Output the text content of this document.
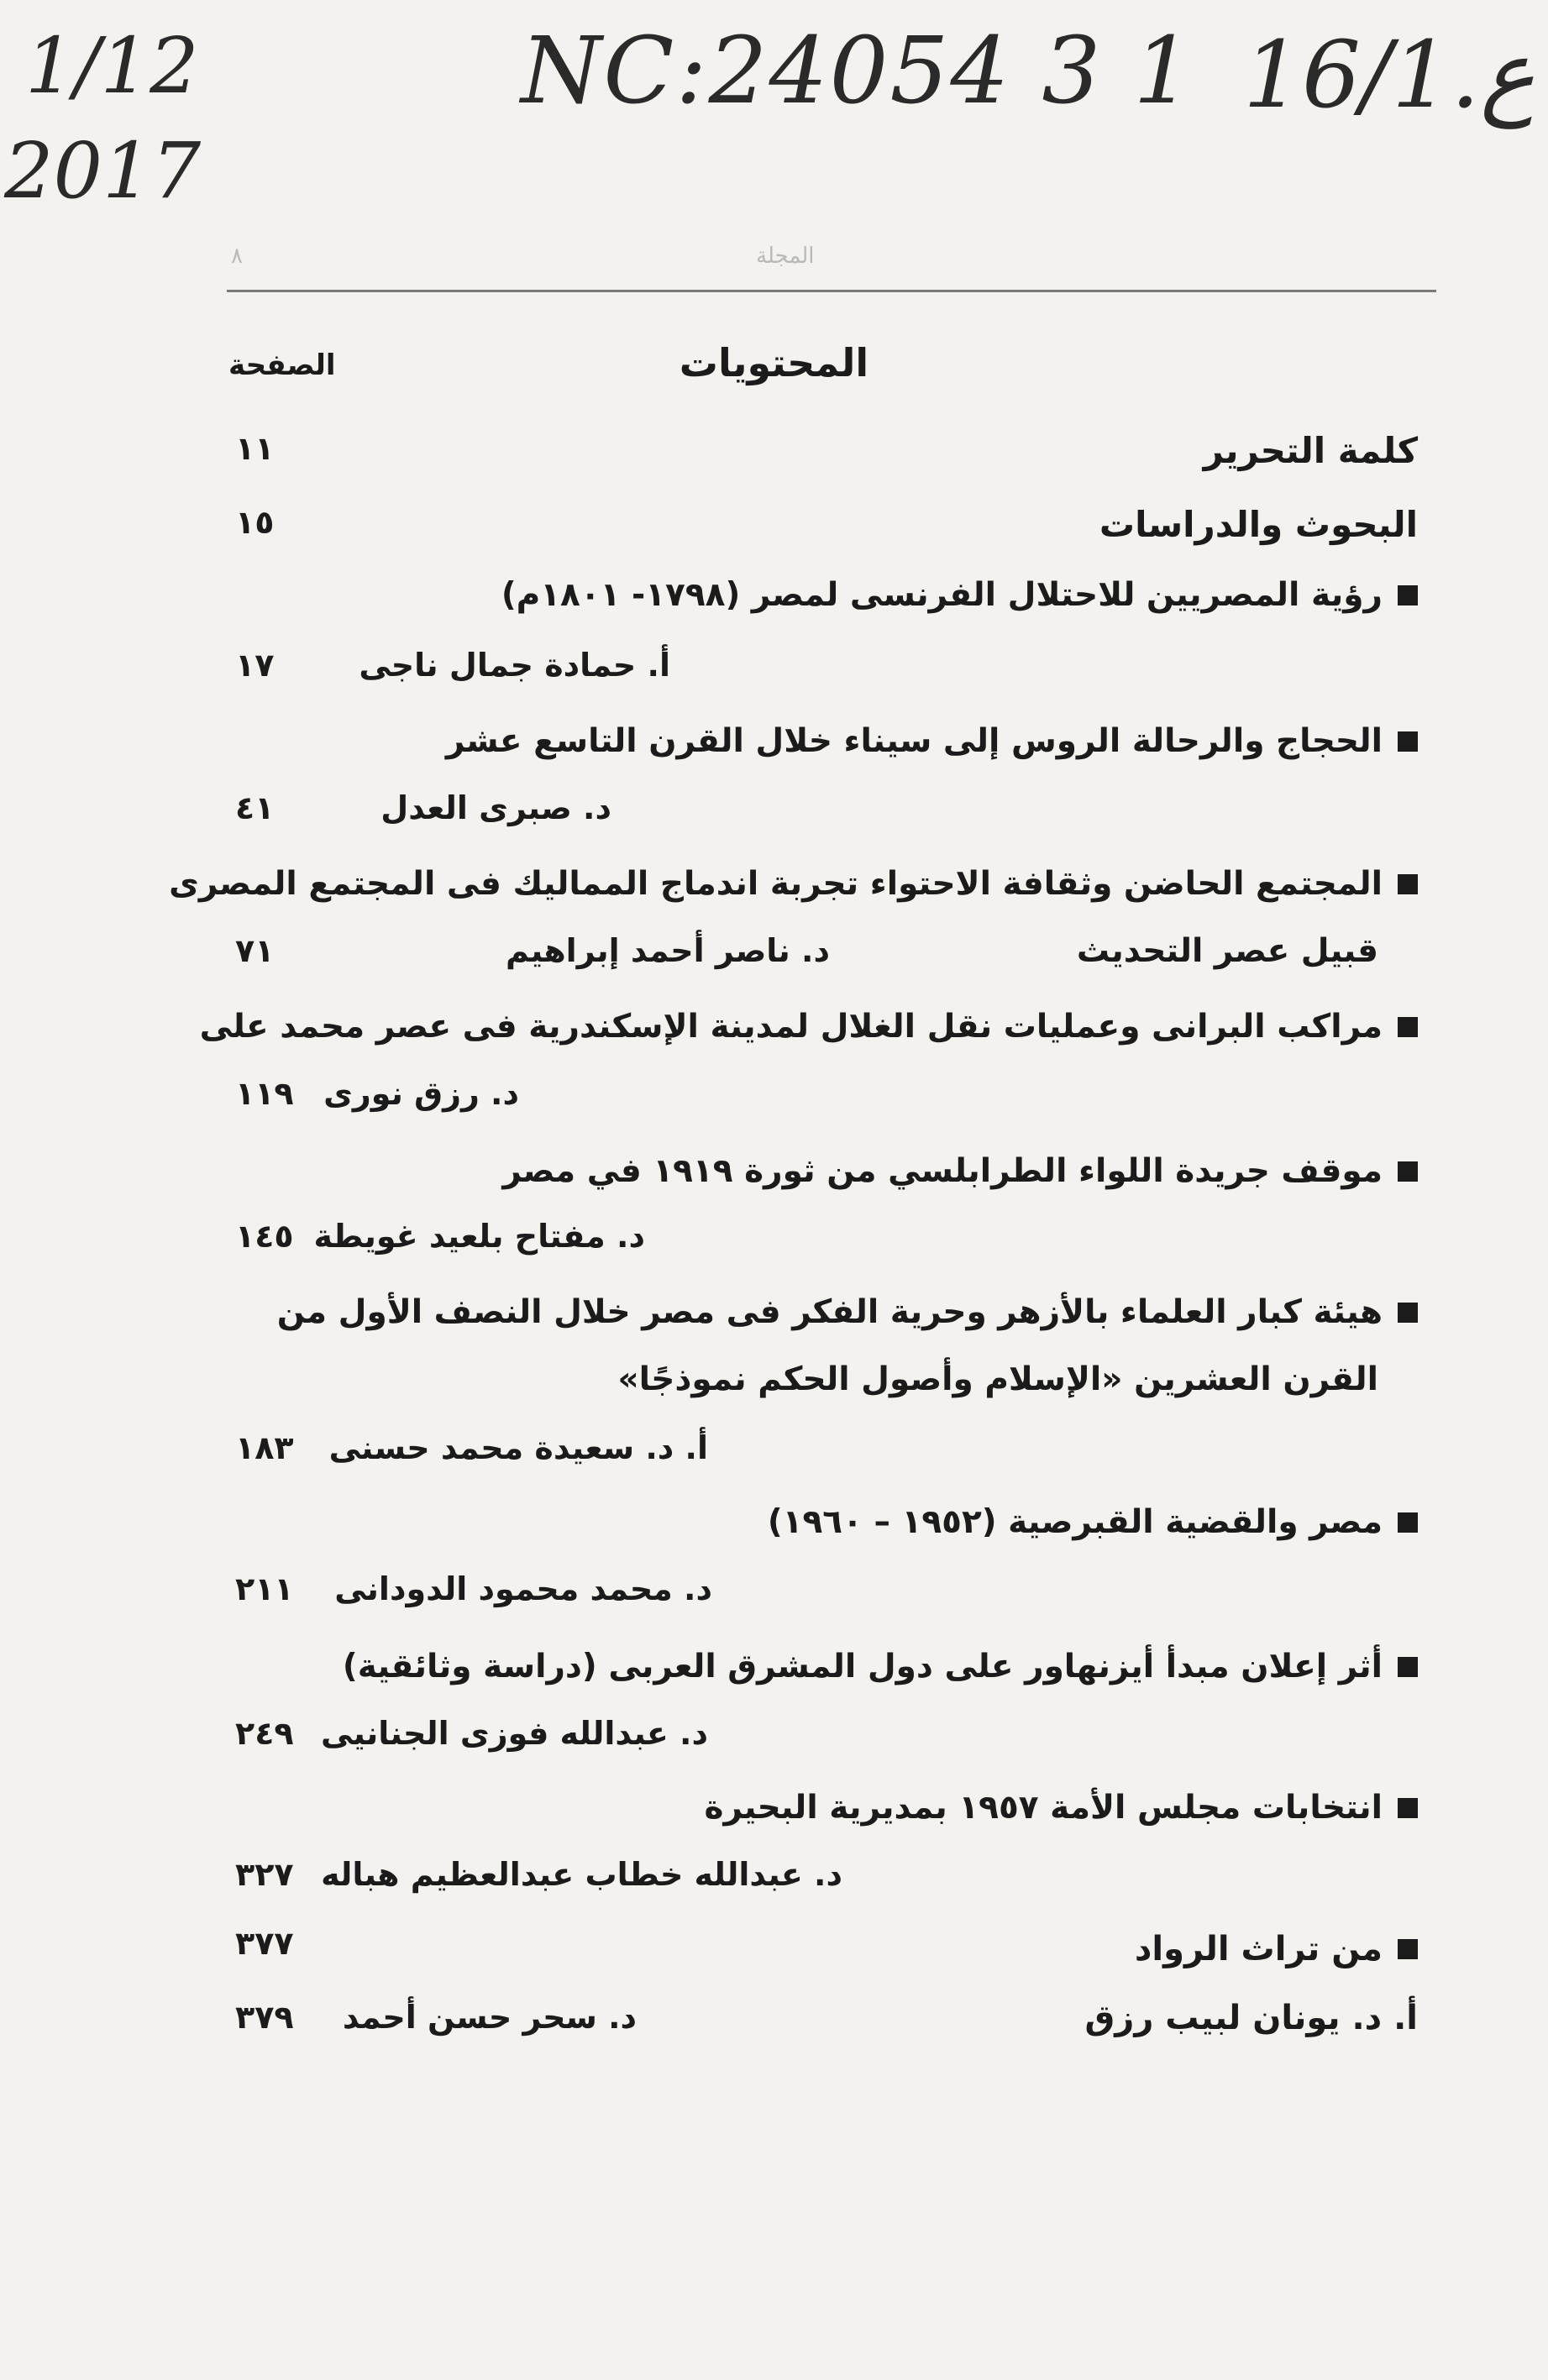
1/12
2017
NC:24054 3 1 ع.16/1
٨	المجلة
المحتويات
الصفحة
كلمة التحرير
١١
البحوث والدراسات
١٥
رؤية المصريين للاحتلال الفرنسى لمصر (١٧٩٨- ١٨٠١م)
أ. حمادة جمال ناجى
١٧
الحجاج والرحالة الروس إلى سيناء خلال القرن التاسع عشر
د. صبرى العدل
٤١
المجتمع الحاضن وثقافة الاحتواء تجربة اندماج المماليك فى المجتمع المصرى
قبيل عصر التحديث
د. ناصر أحمد إبراهيم
٧١
مراكب البرانى وعمليات نقل الغلال لمدينة الإسكندرية فى عصر محمد على
د. رزق نورى
١١٩
موقف جريدة اللواء الطرابلسي من ثورة ١٩١٩ في مصر
د. مفتاح بلعيد غويطة
١٤٥
هيئة كبار العلماء بالأزهر وحرية الفكر فى مصر خلال النصف الأول من
القرن العشرين «الإسلام وأصول الحكم نموذجًا»
أ. د. سعيدة محمد حسنى
١٨٣
مصر والقضية القبرصية (١٩٥٢ – ١٩٦٠)
د. محمد محمود الدودانى
٢١١
أثر إعلان مبدأ أيزنهاور على دول المشرق العربى (دراسة وثائقية)
د. عبدالله فوزى الجنانيى
٢٤٩
انتخابات مجلس الأمة ١٩٥٧ بمديرية البحيرة
د. عبدالله خطاب عبدالعظيم هباله
٣٢٧
من تراث الرواد
٣٧٧
أ. د. يونان لبيب رزق
د. سحر حسن أحمد
٣٧٩
